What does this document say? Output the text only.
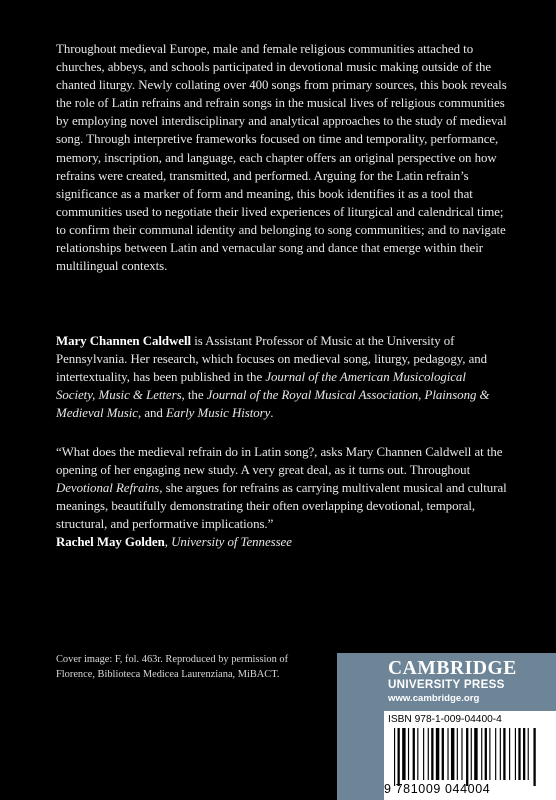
Throughout medieval Europe, male and female religious communities attached to churches, abbeys, and schools participated in devotional music making outside of the chanted liturgy. Newly collating over 400 songs from primary sources, this book reveals the role of Latin refrains and refrain songs in the musical lives of religious communities by employing novel interdisciplinary and analytical approaches to the study of medieval song. Through interpretive frameworks focused on time and temporality, performance, memory, inscription, and language, each chapter offers an original perspective on how refrains were created, transmitted, and performed. Arguing for the Latin refrain’s significance as a marker of form and meaning, this book identifies it as a tool that communities used to negotiate their lived experiences of liturgical and calendrical time; to confirm their communal identity and belonging to song communities; and to navigate relationships between Latin and vernacular song and dance that emerge within their multilingual contexts.

Mary Channen Caldwell is Assistant Professor of Music at the University of Pennsylvania. Her research, which focuses on medieval song, liturgy, pedagogy, and intertextuality, has been published in the Journal of the American Musicological Society, Music & Letters, the Journal of the Royal Musical Association, Plainsong & Medieval Music, and Early Music History.

“What does the medieval refrain do in Latin song?, asks Mary Channen Caldwell at the opening of her engaging new study. A very great deal, as it turns out. Throughout Devotional Refrains, she argues for refrains as carrying multivalent musical and cultural meanings, beautifully demonstrating their often overlapping devotional, temporal, structural, and performative implications.”
Rachel May Golden, University of Tennessee

Cover image: F, fol. 463r. Reproduced by permission of Florence, Biblioteca Medicea Laurenziana, MiBACT.	CAMBRIDGE
UNIVERSITY PRESS
www.cambridge.org
ISBN 978-1-009-04400-4
9 781009 044004
